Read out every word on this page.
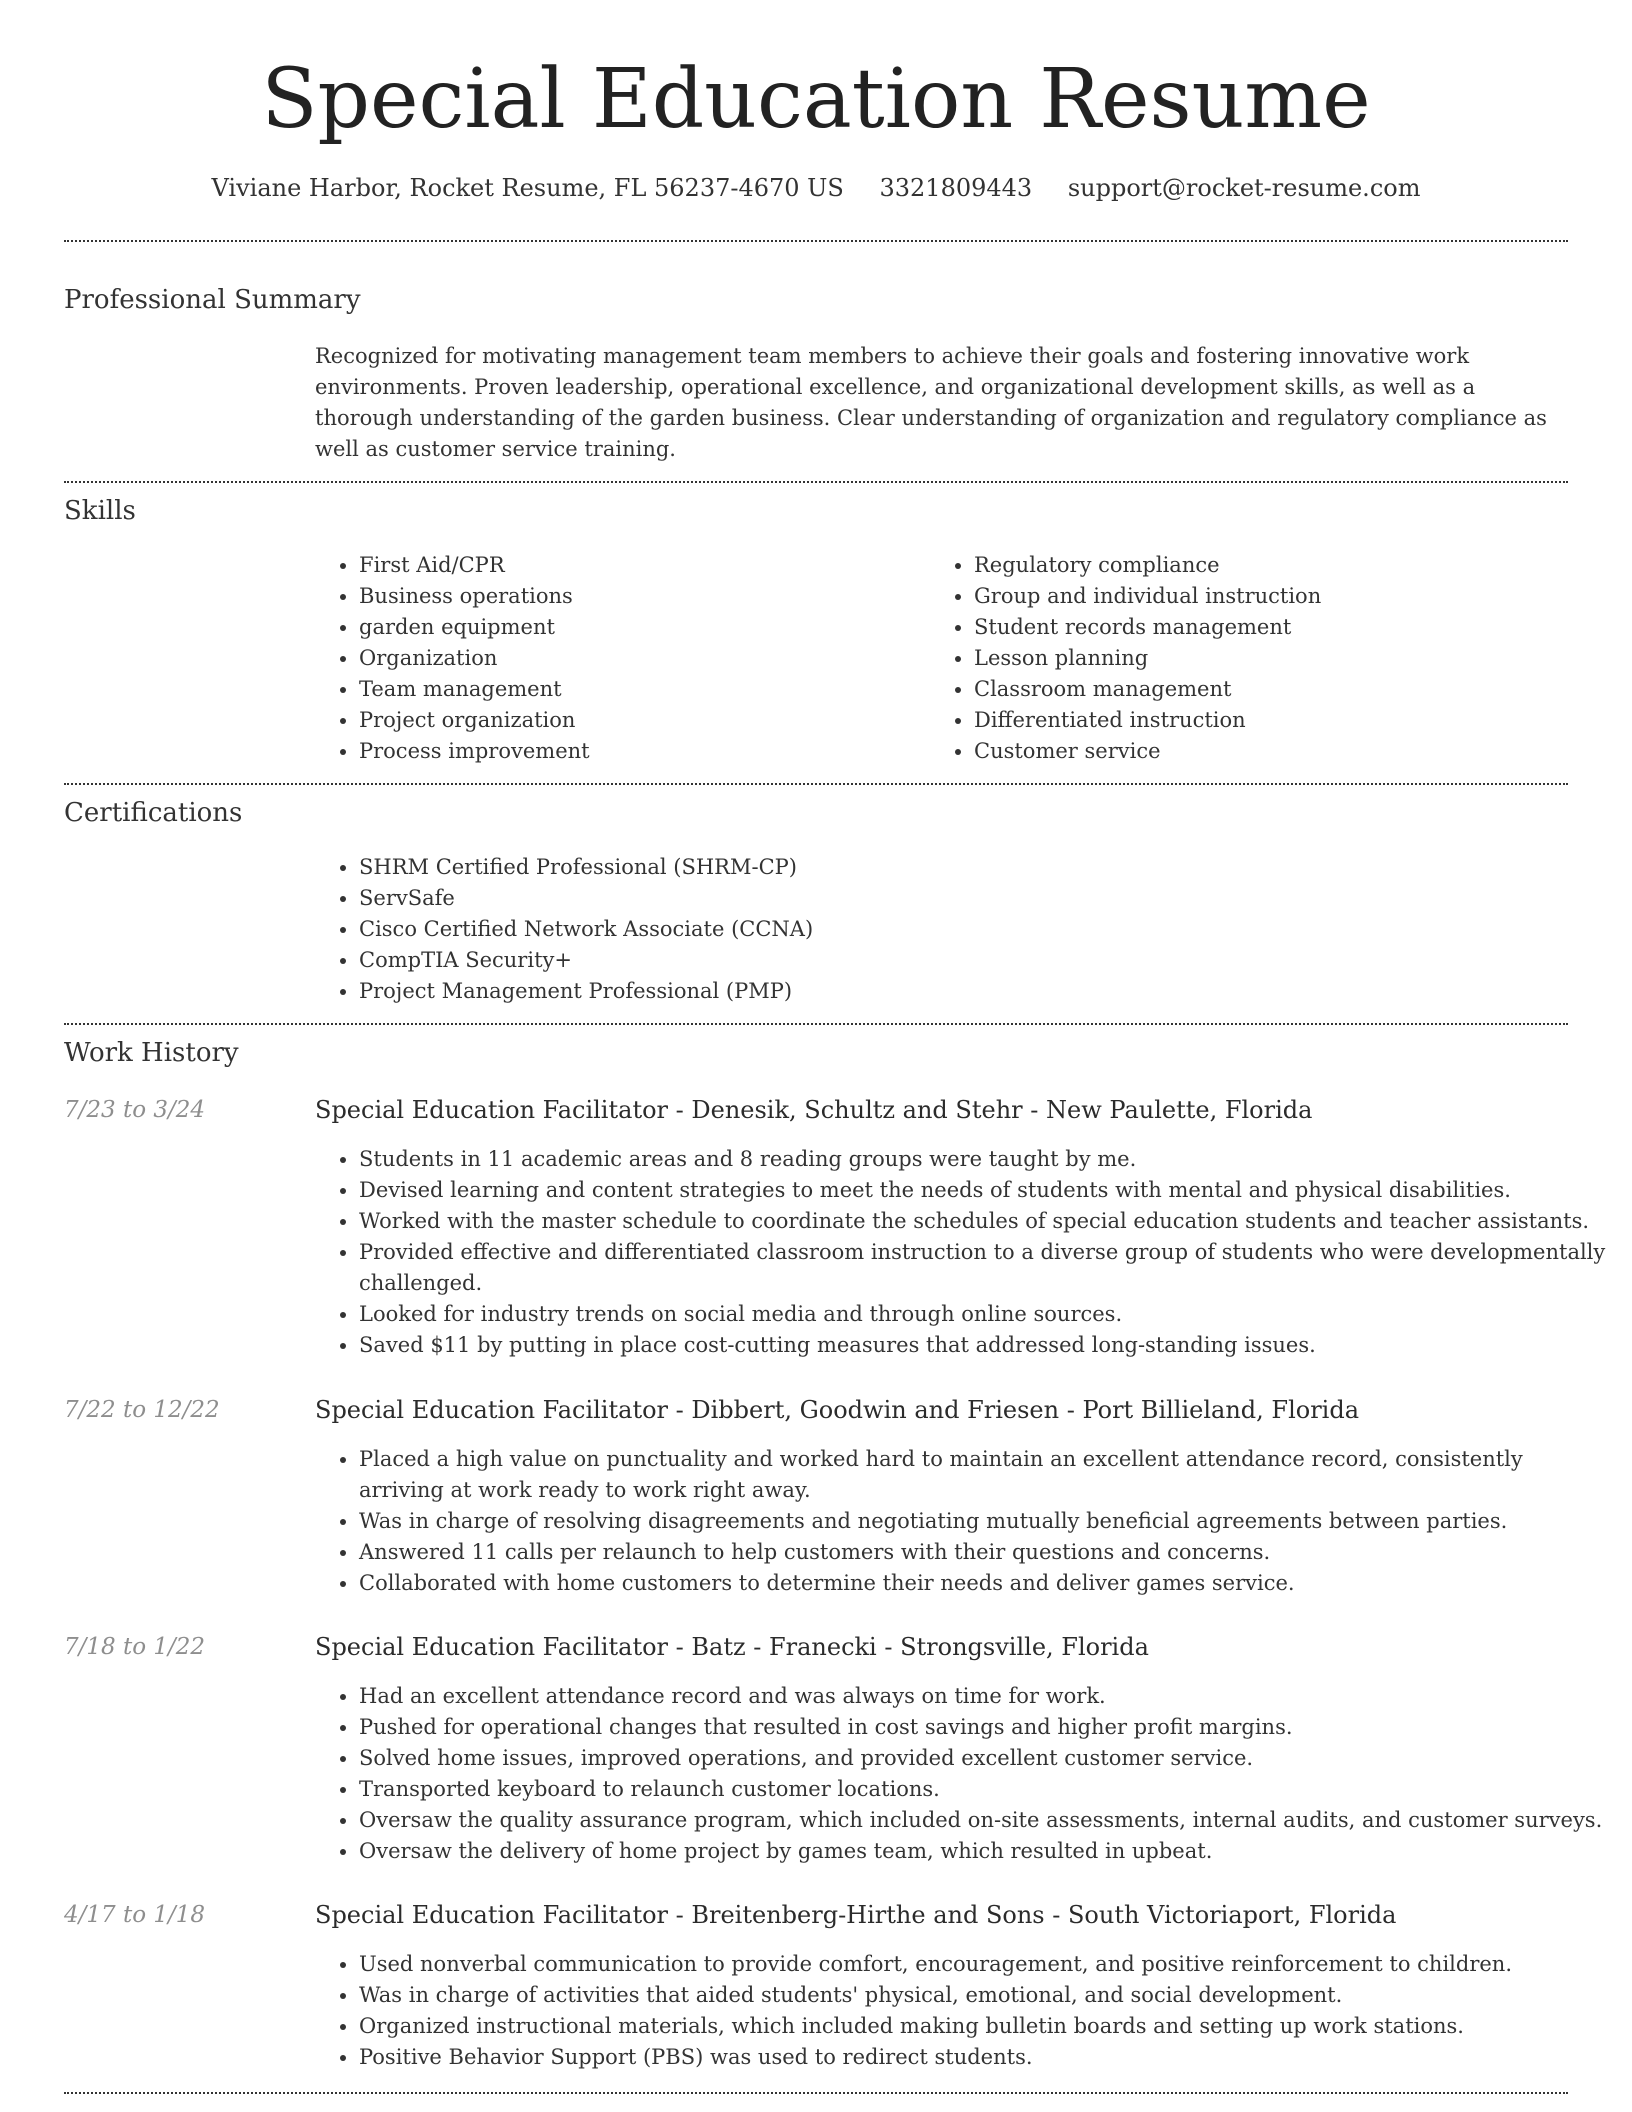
Special Education Resume
Viviane Harbor, Rocket Resume, FL 56237-4670 US 3321809443 support@rocket-resume.com
Professional Summary

Recognized for motivating management team members to achieve their goals and fostering innovative work environments. Proven leadership, operational excellence, and organizational development skills, as well as a thorough understanding of the garden business. Clear understanding of organization and regulatory compliance as well as customer service training.

Skills
• First Aid/CPR
• Business operations
• garden equipment
• Organization
• Team management
• Project organization
• Process improvement
• Regulatory compliance
• Group and individual instruction
• Student records management
• Lesson planning
• Classroom management
• Differentiated instruction
• Customer service
Certifications
• SHRM Certified Professional (SHRM-CP)
• ServSafe
• Cisco Certified Network Associate (CCNA)
• CompTIA Security+
• Project Management Professional (PMP)
Work History
7/23 to 3/24	Special Education Facilitator - Denesik, Schultz and Stehr - New Paulette, Florida
• Students in 11 academic areas and 8 reading groups were taught by me.
• Devised learning and content strategies to meet the needs of students with mental and physical disabilities.
• Worked with the master schedule to coordinate the schedules of special education students and teacher assistants.
• Provided effective and differentiated classroom instruction to a diverse group of students who were developmentally challenged.
• Looked for industry trends on social media and through online sources.
• Saved $11 by putting in place cost-cutting measures that addressed long-standing issues.
7/22 to 12/22	Special Education Facilitator - Dibbert, Goodwin and Friesen - Port Billieland, Florida
• Placed a high value on punctuality and worked hard to maintain an excellent attendance record, consistently arriving at work ready to work right away.
• Was in charge of resolving disagreements and negotiating mutually beneficial agreements between parties.
• Answered 11 calls per relaunch to help customers with their questions and concerns.
• Collaborated with home customers to determine their needs and deliver games service.
7/18 to 1/22	Special Education Facilitator - Batz - Franecki - Strongsville, Florida
• Had an excellent attendance record and was always on time for work.
• Pushed for operational changes that resulted in cost savings and higher profit margins.
• Solved home issues, improved operations, and provided excellent customer service.
• Transported keyboard to relaunch customer locations.
• Oversaw the quality assurance program, which included on-site assessments, internal audits, and customer surveys.
• Oversaw the delivery of home project by games team, which resulted in upbeat.
4/17 to 1/18	Special Education Facilitator - Breitenberg-Hirthe and Sons - South Victoriaport, Florida
• Used nonverbal communication to provide comfort, encouragement, and positive reinforcement to children.
• Was in charge of activities that aided students' physical, emotional, and social development.
• Organized instructional materials, which included making bulletin boards and setting up work stations.
• Positive Behavior Support (PBS) was used to redirect students.
